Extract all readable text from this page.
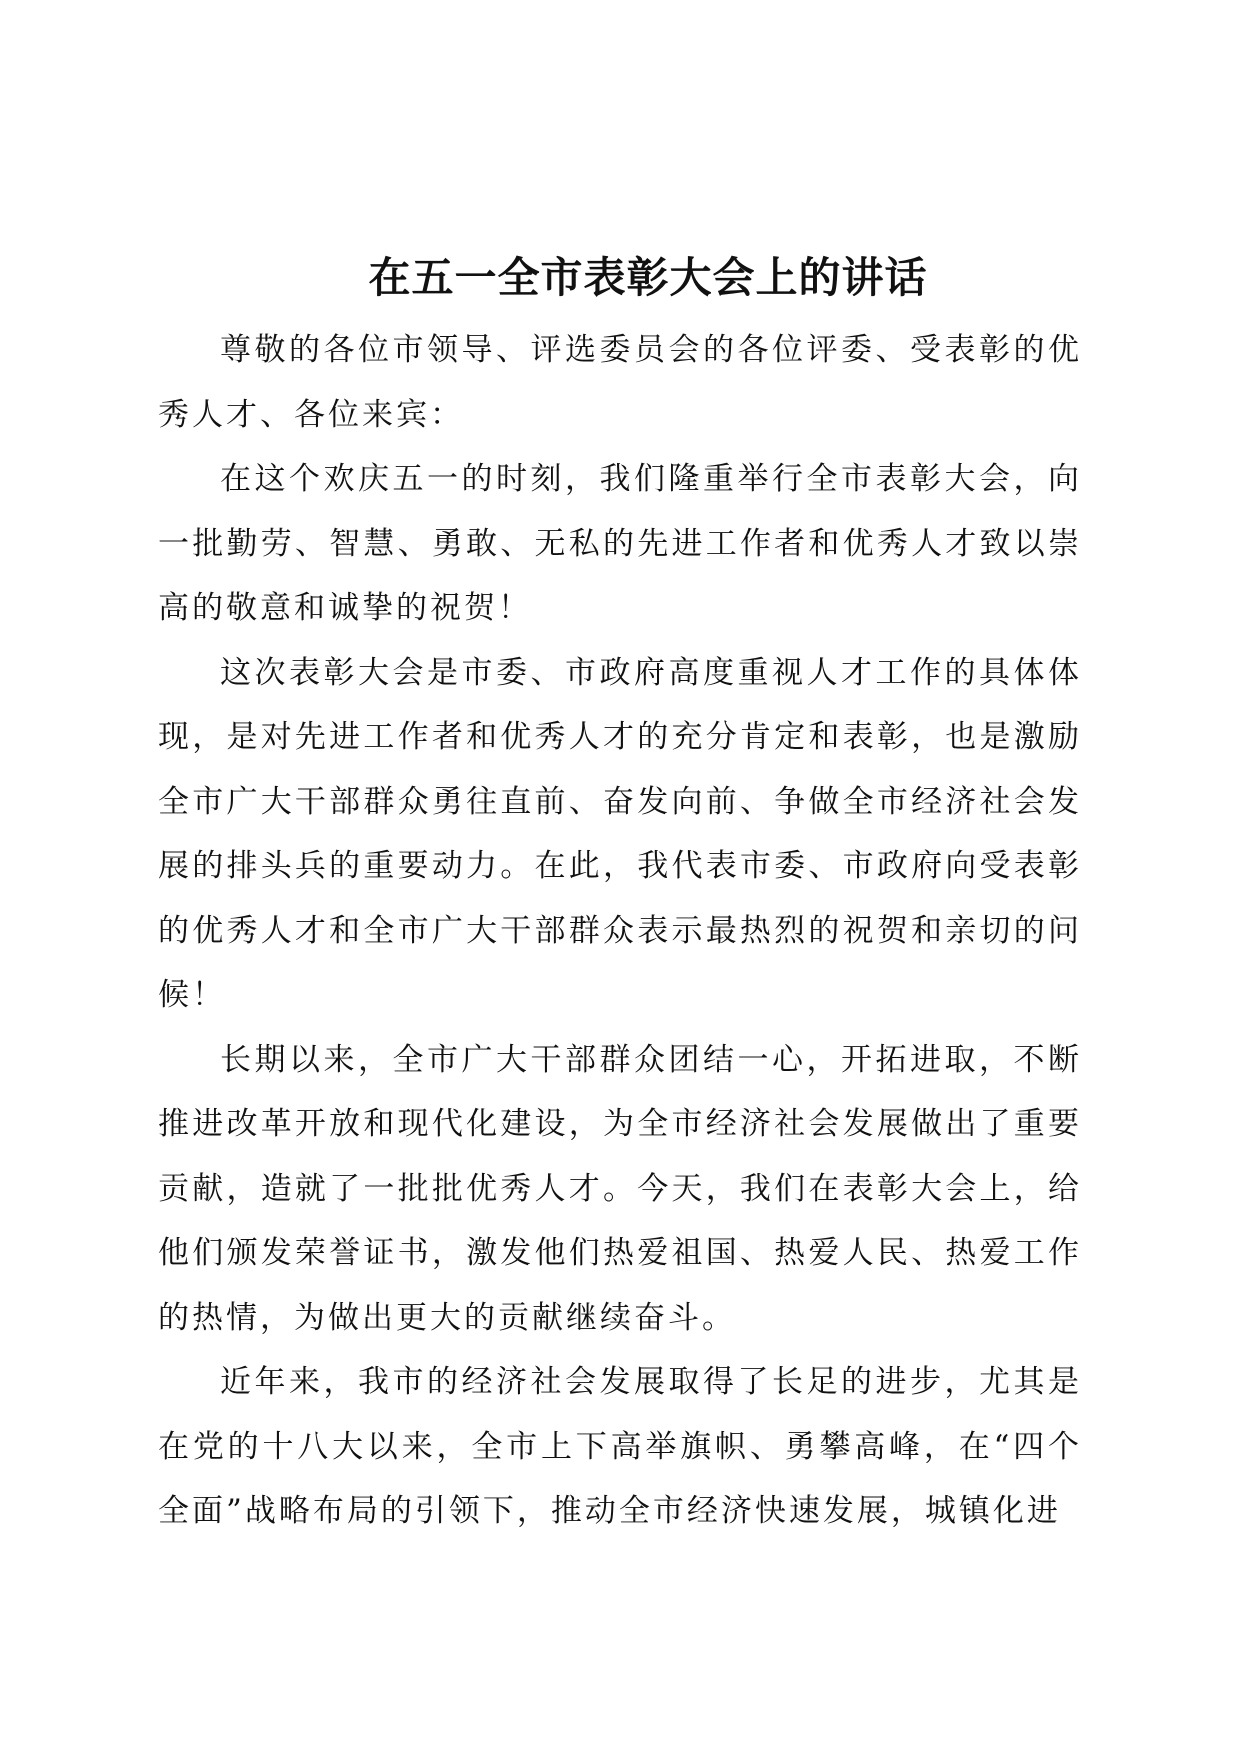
在五一全市表彰大会上的讲话

尊敬的各位市领导、评选委员会的各位评委、受表彰的优秀人才、各位来宾：

在这个欢庆五一的时刻，我们隆重举行全市表彰大会，向一批勤劳、智慧、勇敢、无私的先进工作者和优秀人才致以崇高的敬意和诚挚的祝贺！

这次表彰大会是市委、市政府高度重视人才工作的具体体现，是对先进工作者和优秀人才的充分肯定和表彰，也是激励全市广大干部群众勇往直前、奋发向前、争做全市经济社会发展的排头兵的重要动力。在此，我代表市委、市政府向受表彰的优秀人才和全市广大干部群众表示最热烈的祝贺和亲切的问候！

长期以来，全市广大干部群众团结一心，开拓进取，不断推进改革开放和现代化建设，为全市经济社会发展做出了重要贡献，造就了一批批优秀人才。今天，我们在表彰大会上，给他们颁发荣誉证书，激发他们热爱祖国、热爱人民、热爱工作的热情，为做出更大的贡献继续奋斗。

近年来，我市的经济社会发展取得了长足的进步，尤其是在党的十八大以来，全市上下高举旗帜、勇攀高峰，在“四个全面”战略布局的引领下，推动全市经济快速发展，城镇化进
